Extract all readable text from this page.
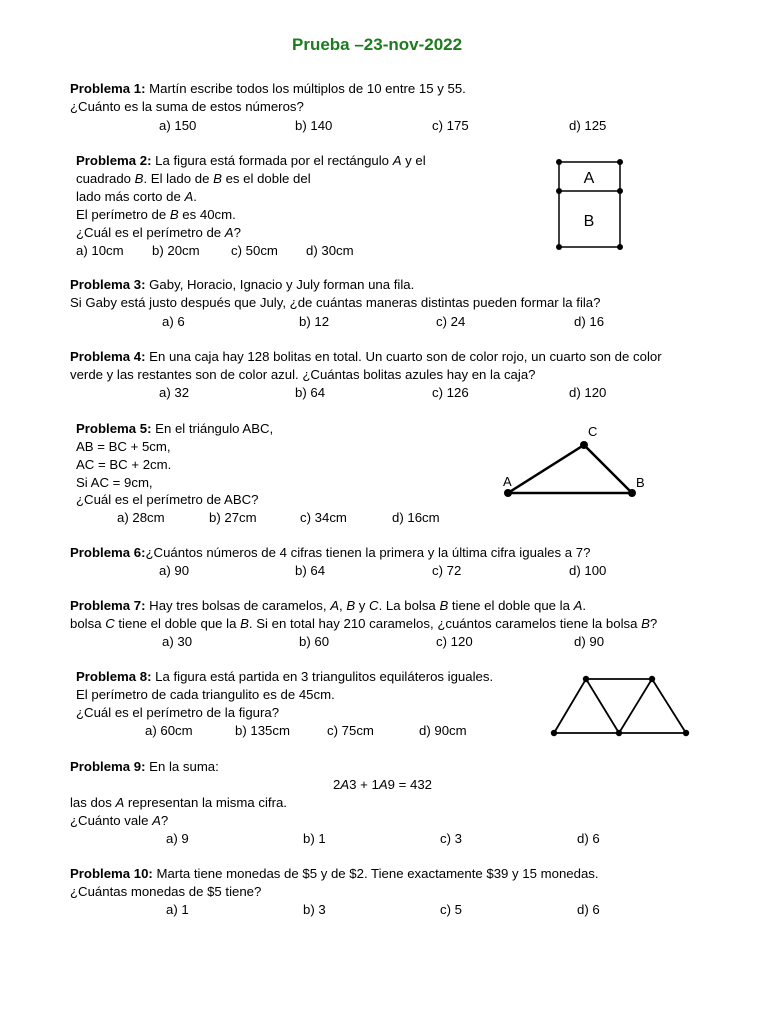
Prueba –23-nov-2022
Problema 1: Martín escribe todos los múltiplos de 10 entre 15 y 55.
¿Cuánto es la suma de estos números?
a) 150	b) 140	c) 175	d) 125
Problema 2: La figura está formada por el rectángulo A y el
cuadrado B. El lado de B es el doble del
lado más corto de A.
El perímetro de B es 40cm.
¿Cuál es el perímetro de A?
a) 10cm b) 20cm c) 50cm d) 30cm
A
B
Problema 3: Gaby, Horacio, Ignacio y July forman una fila.
Si Gaby está justo después que July, ¿de cuántas maneras distintas pueden formar la fila?
a) 6	b) 12	c) 24	d) 16
Problema 4: En una caja hay 128 bolitas en total. Un cuarto son de color rojo, un cuarto son de color
verde y las restantes son de color azul. ¿Cuántas bolitas azules hay en la caja?
a) 32	b) 64	c) 126	d) 120
Problema 5: En el triángulo ABC,
AB = BC + 5cm,
AC = BC + 2cm.
Si AC = 9cm,
¿Cuál es el perímetro de ABC?
a) 28cm	b) 27cm	c) 34cm	d) 16cm
A	B
C
Problema 6:¿Cuántos números de 4 cifras tienen la primera y la última cifra iguales a 7?
a) 90	b) 64	c) 72	d) 100
Problema 7: Hay tres bolsas de caramelos, A, B y C. La bolsa B tiene el doble que la A.
bolsa C tiene el doble que la B. Si en total hay 210 caramelos, ¿cuántos caramelos tiene la bolsa B?
a) 30	b) 60	c) 120	d) 90
Problema 8: La figura está partida en 3 triangulitos equiláteros iguales.
El perímetro de cada triangulito es de 45cm.
¿Cuál es el perímetro de la figura?
a) 60cm	b) 135cm	c) 75cm	d) 90cm
Problema 9: En la suma:
2A3 + 1A9 = 432
las dos A representan la misma cifra.
¿Cuánto vale A?
a) 9	b) 1	c) 3	d) 6
Problema 10: Marta tiene monedas de $5 y de $2. Tiene exactamente $39 y 15 monedas.
¿Cuántas monedas de $5 tiene?
a) 1	b) 3	c) 5	d) 6
